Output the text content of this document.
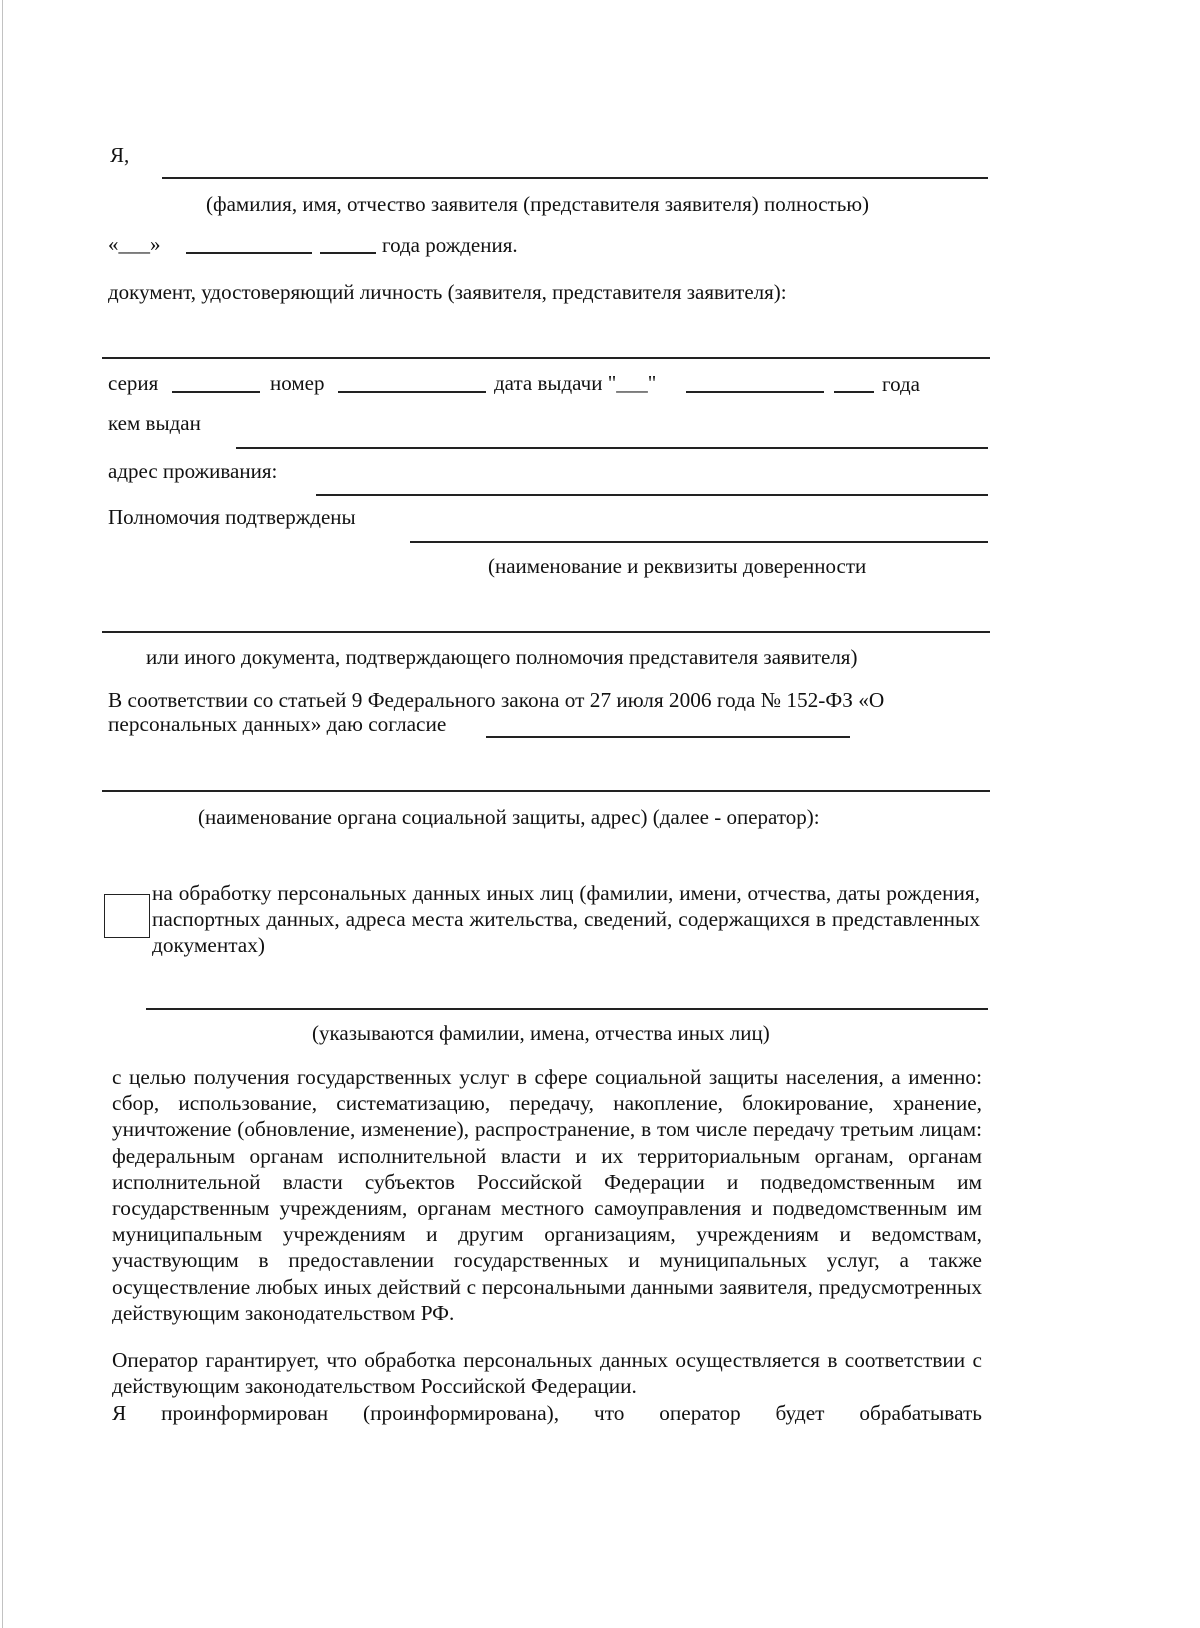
Я,
(фамилия, имя, отчество заявителя (представителя заявителя) полностью)
«___»	года рождения.
документ, удостоверяющий личность (заявителя, представителя заявителя):
серия	номер	дата выдачи "___"	года
кем выдан
адрес проживания:
Полномочия подтверждены
(наименование и реквизиты доверенности
или иного документа, подтверждающего полномочия представителя заявителя)
В соответствии со статьей 9 Федерального закона от 27 июля 2006 года № 152-ФЗ «О
персональных данных» даю согласие
(наименование органа социальной защиты, адрес) (далее - оператор):
на обработку персональных данных иных лиц (фамилии, имени, отчества, даты рождения, паспортных данных, адреса места жительства, сведений, содержащихся в представленных документах)
(указываются фамилии, имена, отчества иных лиц)
с целью получения государственных услуг в сфере социальной защиты населения, а именно: сбор, использование, систематизацию, передачу, накопление, блокирование, хранение, уничтожение (обновление, изменение), распространение, в том числе передачу третьим лицам: федеральным органам исполнительной власти и их территориальным органам, органам исполнительной власти субъектов Российской Федерации и подведомственным им государственным учреждениям, органам местного самоуправления и подведомственным им муниципальным учреждениям и другим организациям, учреждениям и ведомствам, участвующим в предоставлении государственных и муниципальных услуг, а также осуществление любых иных действий с персональными данными заявителя, предусмотренных действующим законодательством РФ.
Оператор гарантирует, что обработка персональных данных осуществляется в соответствии с действующим законодательством Российской Федерации.
Я проинформирован (проинформирована), что оператор будет обрабатывать
